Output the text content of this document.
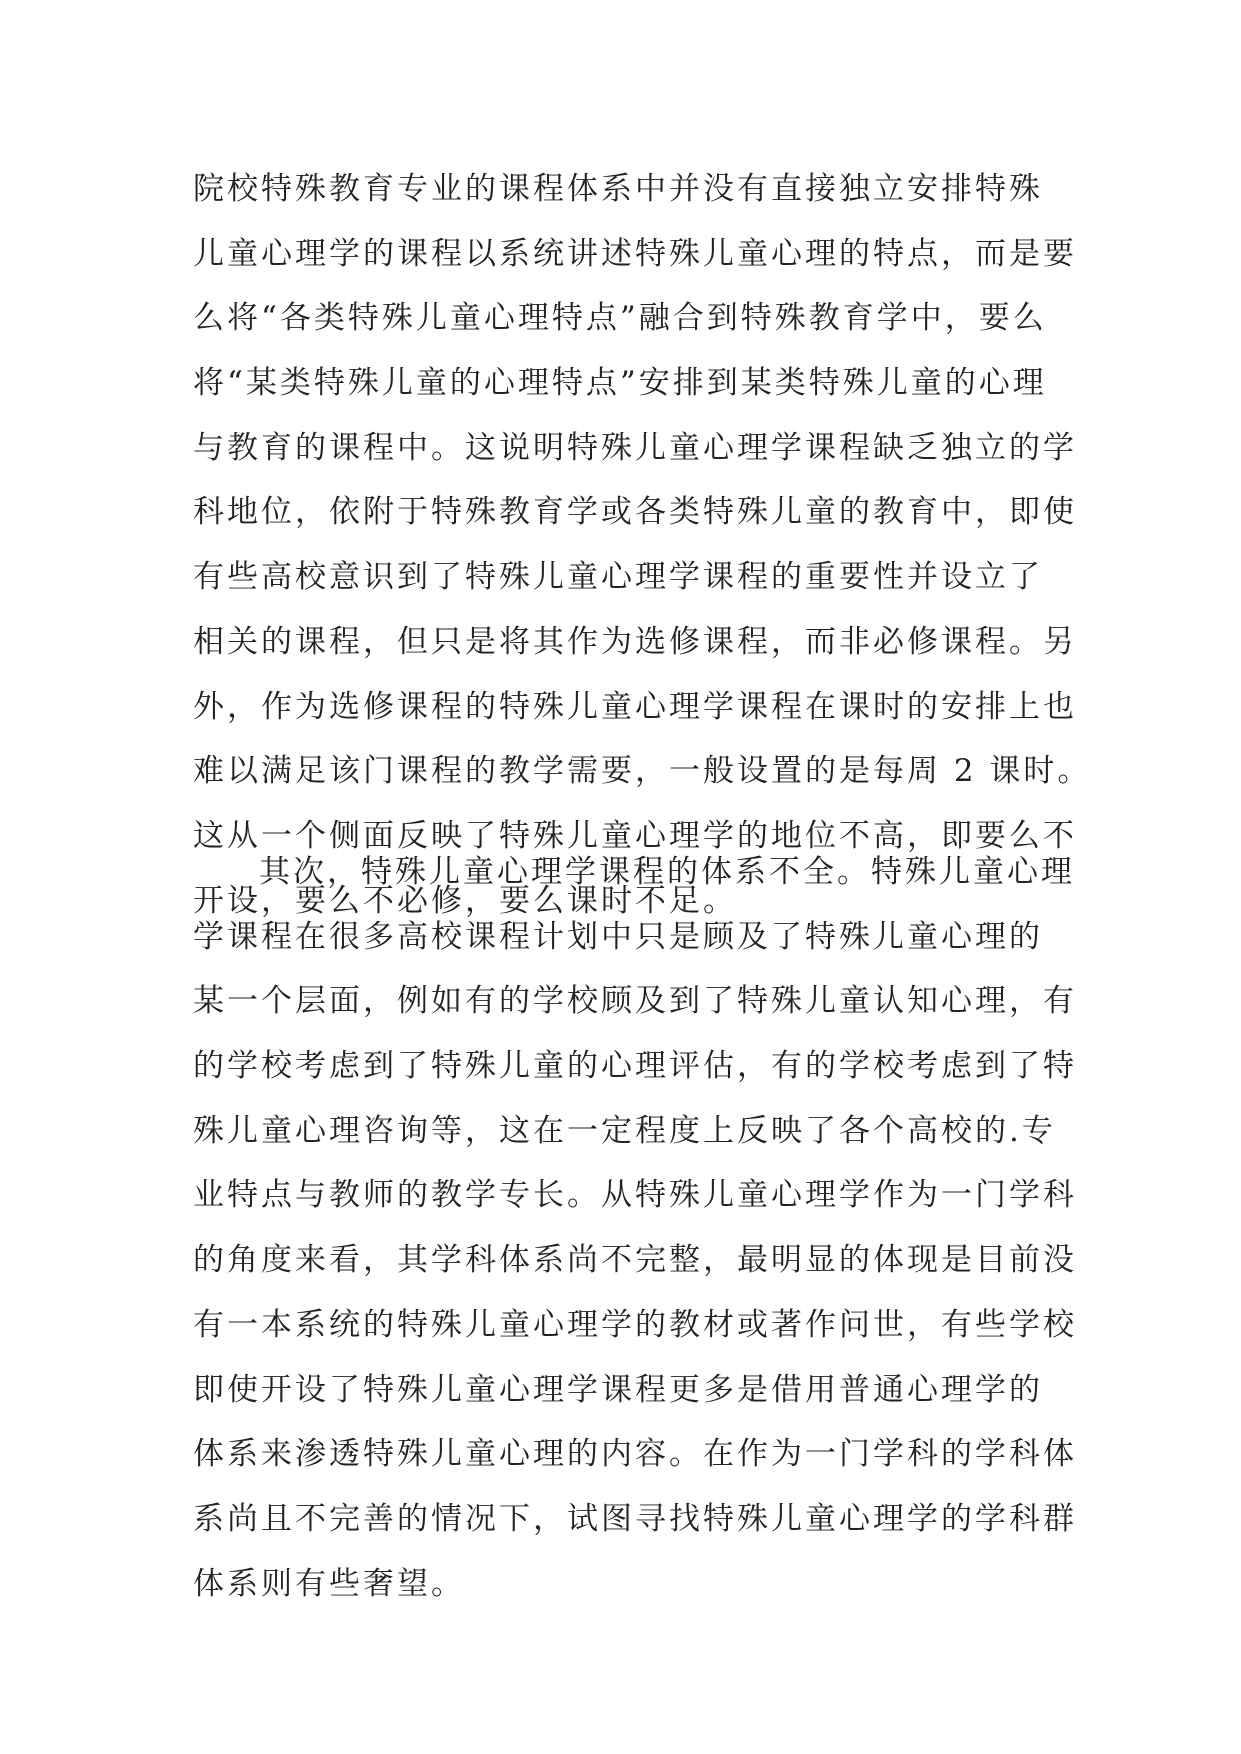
院校特殊教育专业的课程体系中并没有直接独立安排特殊
儿童心理学的课程以系统讲述特殊儿童心理的特点，而是要
么将“各类特殊儿童心理特点”融合到特殊教育学中，要么
将“某类特殊儿童的心理特点”安排到某类特殊儿童的心理
与教育的课程中。这说明特殊儿童心理学课程缺乏独立的学
科地位，依附于特殊教育学或各类特殊儿童的教育中，即使
有些高校意识到了特殊儿童心理学课程的重要性并设立了
相关的课程，但只是将其作为选修课程，而非必修课程。另
外，作为选修课程的特殊儿童心理学课程在课时的安排上也
难以满足该门课程的教学需要，一般设置的是每周 2 课时。
这从一个侧面反映了特殊儿童心理学的地位不高，即要么不
开设，要么不必修，要么课时不足。
其次，特殊儿童心理学课程的体系不全。特殊儿童心理
学课程在很多高校课程计划中只是顾及了特殊儿童心理的
某一个层面，例如有的学校顾及到了特殊儿童认知心理，有
的学校考虑到了特殊儿童的心理评估，有的学校考虑到了特
殊儿童心理咨询等，这在一定程度上反映了各个高校的.专
业特点与教师的教学专长。从特殊儿童心理学作为一门学科
的角度来看，其学科体系尚不完整，最明显的体现是目前没
有一本系统的特殊儿童心理学的教材或著作问世，有些学校
即使开设了特殊儿童心理学课程更多是借用普通心理学的
体系来渗透特殊儿童心理的内容。在作为一门学科的学科体
系尚且不完善的情况下，试图寻找特殊儿童心理学的学科群
体系则有些奢望。
